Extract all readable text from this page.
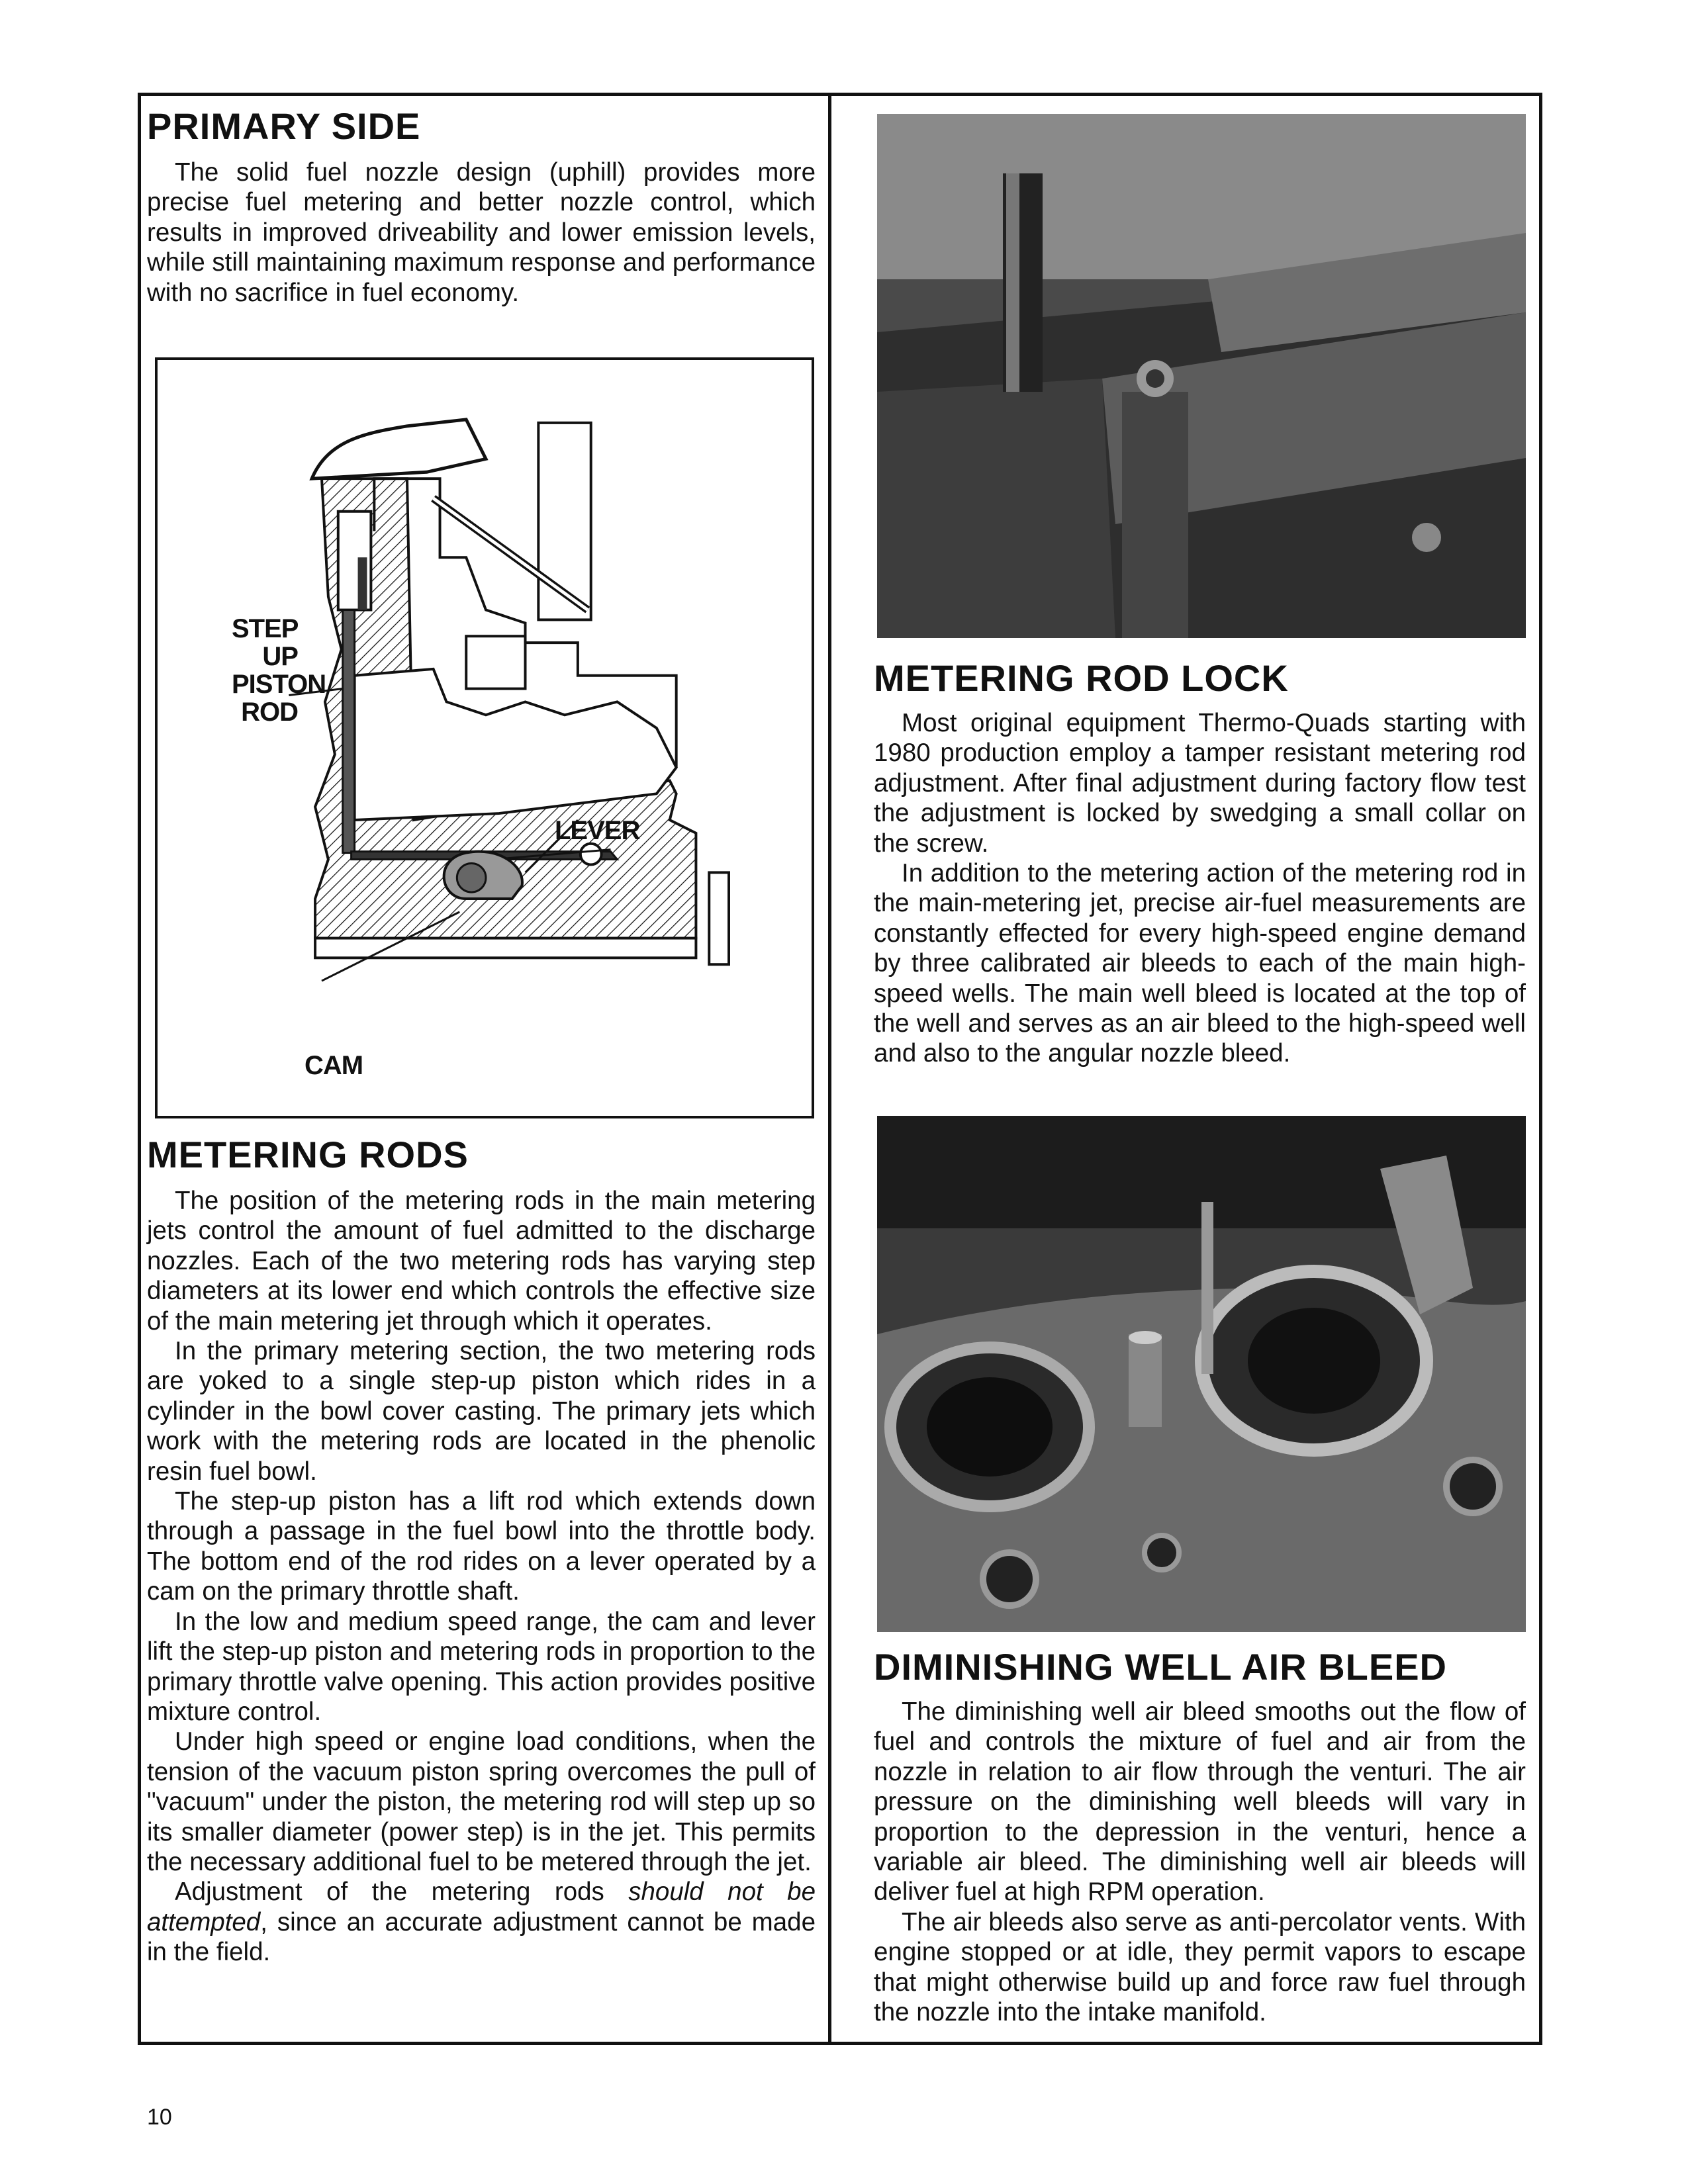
PRIMARY SIDE

The solid fuel nozzle design (uphill) provides more precise fuel metering and better nozzle control, which results in improved driveability and lower emission levels, while still maintaining maximum response and performance with no sacrifice in fuel economy.

STEP
UP
PISTON
ROD
LEVER
CAM
METERING RODS

The position of the metering rods in the main metering jets control the amount of fuel admitted to the discharge nozzles. Each of the two metering rods has varying step diameters at its lower end which controls the effective size of the main metering jet through which it operates.

In the primary metering section, the two metering rods are yoked to a single step-up piston which rides in a cylinder in the bowl cover casting. The primary jets which work with the metering rods are located in the phenolic resin fuel bowl.

The step-up piston has a lift rod which extends down through a passage in the fuel bowl into the throttle body. The bottom end of the rod rides on a lever operated by a cam on the primary throttle shaft.

In the low and medium speed range, the cam and lever lift the step-up piston and metering rods in proportion to the primary throttle valve opening. This action provides positive mixture control.

Under high speed or engine load conditions, when the tension of the vacuum piston spring overcomes the pull of "vacuum" under the piston, the metering rod will step up so its smaller diameter (power step) is in the jet. This permits the necessary additional fuel to be metered through the jet.

Adjustment of the metering rods should not be attempted, since an accurate adjustment cannot be made in the field.

METERING ROD LOCK

Most original equipment Thermo-Quads starting with 1980 production employ a tamper resistant metering rod adjustment. After final adjustment during factory flow test the adjustment is locked by swedging a small collar on the screw.

In addition to the metering action of the metering rod in the main-metering jet, precise air-fuel measurements are constantly effected for every high-speed engine demand by three calibrated air bleeds to each of the main high-speed wells. The main well bleed is located at the top of the well and serves as an air bleed to the high-speed well and also to the angular nozzle bleed.

DIMINISHING WELL AIR BLEED

The diminishing well air bleed smooths out the flow of fuel and controls the mixture of fuel and air from the nozzle in relation to air flow through the venturi. The air pressure on the diminishing well bleeds will vary in proportion to the depression in the venturi, hence a variable air bleed. The diminishing well air bleeds will deliver fuel at high RPM operation.

The air bleeds also serve as anti-percolator vents. With engine stopped or at idle, they permit vapors to escape that might otherwise build up and force raw fuel through the nozzle into the intake manifold.

10
